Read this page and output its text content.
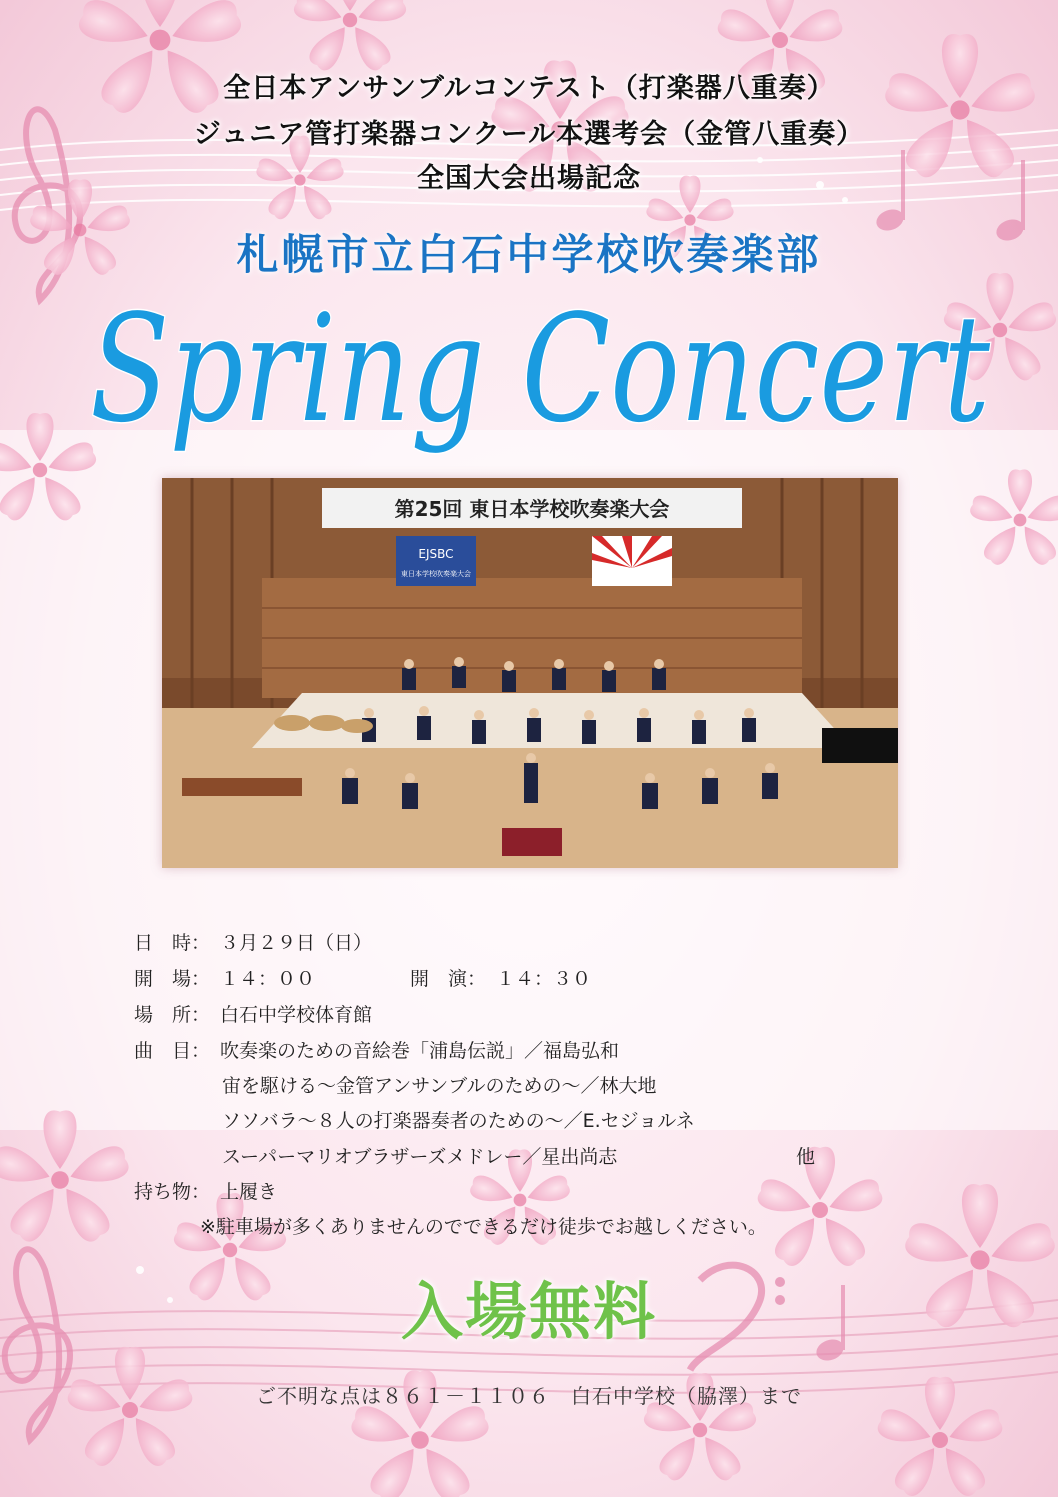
全日本アンサンブルコンテスト（打楽器八重奏）
ジュニア管打楽器コンクール本選考会（金管八重奏）
全国大会出場記念
札幌市立白石中学校吹奏楽部
Spring Concert
第25回 東日本学校吹奏楽大会
EJSBC
東日本学校吹奏楽大会	朝
日　時： ３月２９日（日）
開　場： １４：００	開　演： １４：３０
場　所： 白石中学校体育館
曲　目： 吹奏楽のための音絵巻「浦島伝説」／福島弘和
宙を駆ける～金管アンサンブルのための～／林大地
ソソバラ～８人の打楽器奏者のための～／E.セジョルネ
スーパーマリオブラザーズメドレー／星出尚志	他
持ち物： 上履き
※駐車場が多くありませんのでできるだけ徒歩でお越しください。
入場無料
ご不明な点は８６１－１１０６　白石中学校（脇澤）まで
